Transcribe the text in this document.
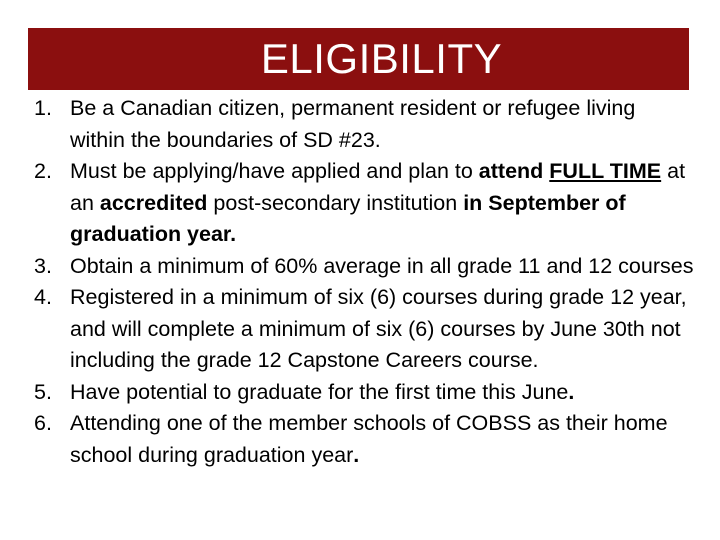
ELIGIBILITY
1. Be a Canadian citizen, permanent resident or refugee living within the boundaries of SD #23.
2. Must be applying/have applied and plan to attend FULL TIME at an accredited post-secondary institution in September of graduation year.
3. Obtain a minimum of 60% average in all grade 11 and 12 courses
4. Registered in a minimum of six (6) courses during grade 12 year, and will complete a minimum of six (6) courses by June 30th not including the grade 12 Capstone Careers course.
5. Have potential to graduate for the first time this June.
6. Attending one of the member schools of COBSS as their home school during graduation year.
